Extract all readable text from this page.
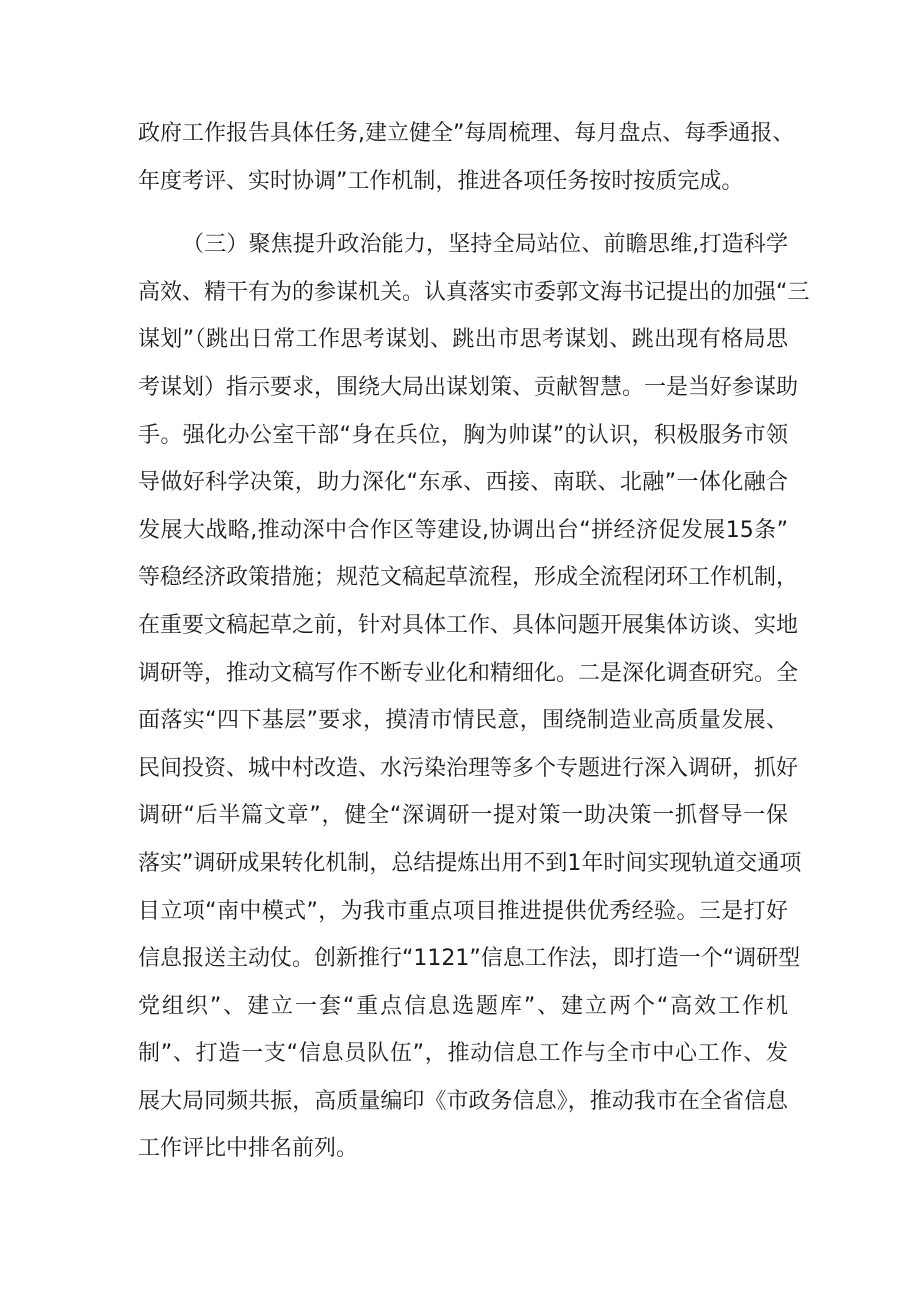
政府工作报告具体任务,建立健全”每周梳理、每月盘点、每季通报、
年度考评、实时协调”工作机制，推进各项任务按时按质完成。
（三）聚焦提升政治能力，坚持全局站位、前瞻思维,打造科学
高效、精干有为的参谋机关。认真落实市委郭文海书记提出的加强“三
谋划”（跳出日常工作思考谋划、跳出市思考谋划、跳出现有格局思
考谋划）指示要求，围绕大局出谋划策、贡献智慧。一是当好参谋助
手。强化办公室干部“身在兵位，胸为帅谋”的认识，积极服务市领
导做好科学决策，助力深化“东承、西接、南联、北融”一体化融合
发展大战略,推动深中合作区等建设,协调出台“拼经济促发展15条”
等稳经济政策措施；规范文稿起草流程，形成全流程闭环工作机制，
在重要文稿起草之前，针对具体工作、具体问题开展集体访谈、实地
调研等，推动文稿写作不断专业化和精细化。二是深化调查研究。全
面落实“四下基层”要求，摸清市情民意，围绕制造业高质量发展、
民间投资、城中村改造、水污染治理等多个专题进行深入调研，抓好
调研“后半篇文章”，健全“深调研一提对策一助决策一抓督导一保
落实”调研成果转化机制，总结提炼出用不到1年时间实现轨道交通项
目立项“南中模式”，为我市重点项目推进提供优秀经验。三是打好
信息报送主动仗。创新推行“1121”信息工作法，即打造一个“调研型
党组织”、建立一套“重点信息选题库”、建立两个“高效工作机
制”、打造一支“信息员队伍”，推动信息工作与全市中心工作、发
展大局同频共振，高质量编印《市政务信息》，推动我市在全省信息
工作评比中排名前列。
